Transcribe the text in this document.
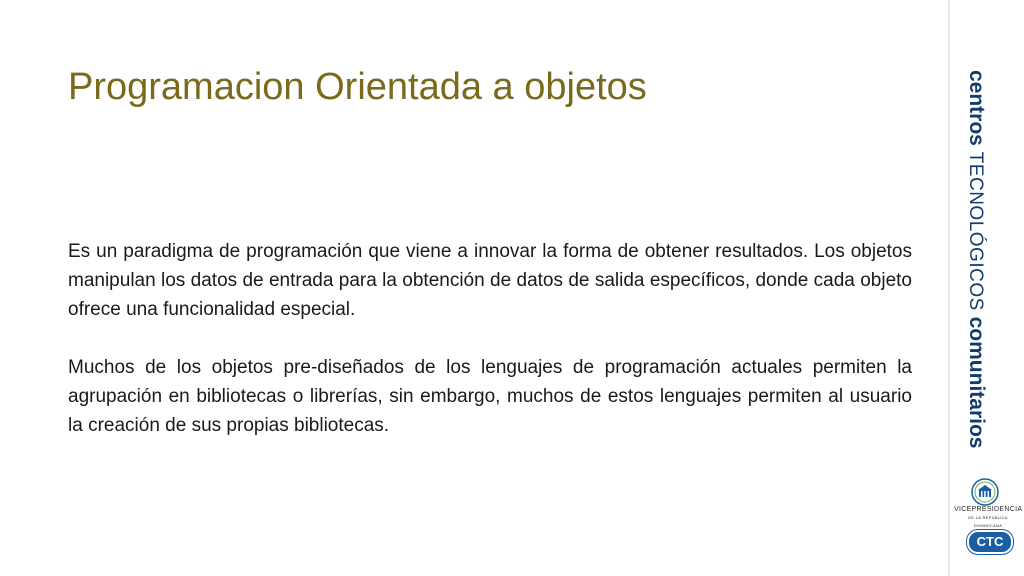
Programacion Orientada a objetos

Es un paradigma de programación que viene a innovar la forma de obtener resultados. Los objetos manipulan los datos de entrada para la obtención de datos de salida específicos, donde cada objeto ofrece una funcionalidad especial.

Muchos de los objetos pre-diseñados de los lenguajes de programación actuales permiten la agrupación en bibliotecas o librerías, sin embargo, muchos de estos lenguajes permiten al usuario la creación de sus propias bibliotecas.

centros TECNOLÓGICOS comunitarios
VICEPRESIDENCIA
DE LA REPÚBLICA DOMINICANA
CTC
